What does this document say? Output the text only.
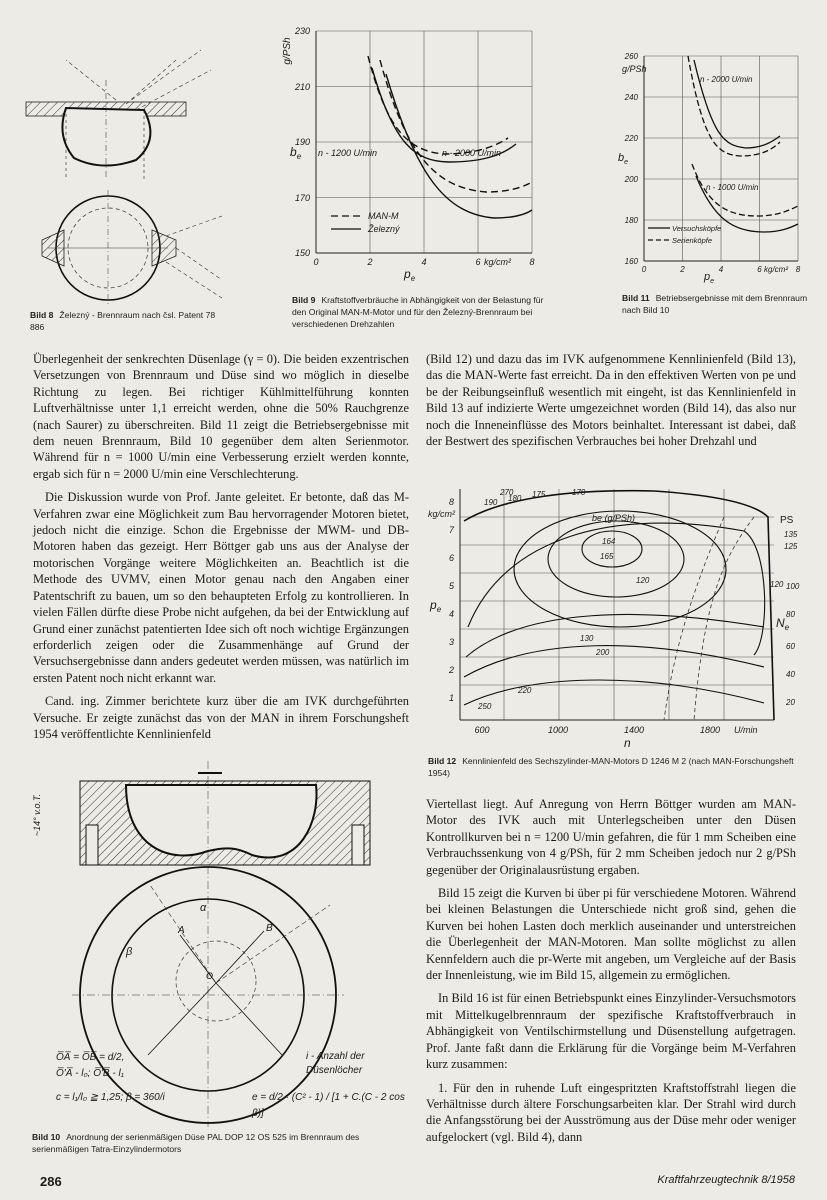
Bild 8 Železný - Brennraum nach čsl. Patent 78 886
230
210
190
170
150
0	2	4	6	8
g/PSh
$b_e$
$p_e$
kg/cm²
n - 1200 U/min	n - 2000 U/min
MAN-M
Železný
Bild 9 Kraftstoffverbräuche in Abhängigkeit von der Belastung für den Original MAN-M-Motor und für den Železný-Brennraum bei verschiedenen Drehzahlen
260
240
220
200
180
160
0	2	4	6	8
g/PSh
$b_e$
$p_e$
kg/cm²
n - 2000 U/min
n - 1000 U/min
Versuchsköpfe
Serienköpfe
Bild 11 Betriebsergebnisse mit dem Brennraum nach Bild 10

Überlegenheit der senkrechten Düsenlage (γ = 0). Die beiden exzentrischen Versetzungen von Brennraum und Düse sind wo möglich in dieselbe Richtung zu legen. Bei richtiger Kühlmittelführung konnten Luftverhältnisse unter 1,1 erreicht werden, ohne die 50% Rauchgrenze (nach Saurer) zu überschreiten. Bild 11 zeigt die Betriebsergebnisse mit dem neuen Brennraum, Bild 10 gegenüber dem alten Serienmotor. Während für n = 1000 U/min eine Verbesserung erzielt werden konnte, ergab sich für n = 2000 U/min eine Verschlechterung.

Die Diskussion wurde von Prof. Jante geleitet. Er betonte, daß das M-Verfahren zwar eine Möglichkeit zum Bau hervorragender Motoren bietet, jedoch nicht die einzige. Schon die Ergebnisse der MWM- und DB-Motoren haben das gezeigt. Herr Böttger gab uns aus der Analyse der motorischen Vorgänge weitere Möglichkeiten an. Beachtlich ist die Methode des UVMV, einen Motor genau nach den Angaben einer Patentschrift zu bauen, um so den behaupteten Erfolg zu kontrollieren. In vielen Fällen dürfte diese Probe nicht aufgehen, da bei der Entwicklung auf Grund einer zunächst patentierten Idee sich oft noch wichtige Ergänzungen erforderlich zeigen oder die Zusammenhänge auf Grund der Versuchsergebnisse dann anders gedeutet werden müssen, was natürlich im ersten Patent noch nicht erkannt war.

Cand. ing. Zimmer berichtete kurz über die am IVK durchgeführten Versuche. Er zeigte zunächst das von der MAN in ihrem Forschungsheft 1954 veröffentlichte Kennlinienfeld

(Bild 12) und dazu das im IVK aufgenommene Kennlinienfeld (Bild 13), das die MAN-Werte fast erreicht. Da in den effektiven Werten von pe und be der Reibungseinfluß wesentlich mit eingeht, ist das Kennlinienfeld in Bild 13 auf indizierte Werte umgezeichnet worden (Bild 14), das also nur noch die Inneneinflüsse des Motors beinhaltet. Interessant ist dabei, daß der Bestwert des spezifischen Verbrauches bei hoher Drehzahl und

8
7
6
5
4
3
2
1
600	1000	1400	1800
kg/cm²
$p_e$
U/min
n
PS
$N_e$
135
125
120 100
80
60
40
20
164
165
170
175
180
190
200
220
250
270
120
130
be (g/PSh)
Bild 12 Kennlinienfeld des Sechszylinder-MAN-Motors D 1246 M 2 (nach MAN-Forschungsheft 1954)

Viertellast liegt. Auf Anregung von Herrn Böttger wurden am MAN-Motor des IVK auch mit Unterlegscheiben unter den Düsen Kontrollkurven bei n = 1200 U/min gefahren, die für 1 mm Scheiben eine Verbrauchssenkung von 4 g/PSh, für 2 mm Scheiben jedoch nur 2 g/PSh gegenüber der Originalausrüstung ergaben.

Bild 15 zeigt die Kurven bi über pi für verschiedene Motoren. Während bei kleinen Belastungen die Unterschiede nicht groß sind, gehen die Kurven bei hohen Lasten doch merklich auseinander und unterstreichen die Überlegenheit der MAN-Motoren. Man sollte möglichst zu allen Kennfeldern auch die pr-Werte mit angeben, um Vergleiche auf der Basis der Innenleistung, wie im Bild 15, allgemein zu ermöglichen.

In Bild 16 ist für einen Betriebspunkt eines Einzylinder-Versuchsmotors mit Mittelkugelbrennraum der spezifische Kraftstoffverbrauch in Abhängigkeit von Ventilschirmstellung und Düsenstellung aufgetragen. Prof. Jante faßt dann die Erklärung für die Vorgänge beim M-Verfahren kurz zusammen:

1. Für den in ruhende Luft eingespritzten Kraftstoffstrahl liegen die Verhältnisse durch ältere Forschungsarbeiten klar. Der Strahl wird durch die Anfangsstörung bei der Ausströmung aus der Düse mehr oder weniger aufgelockert (vgl. Bild 4), dann

~14° v.o.T.
A	B
O
β
α
O̅A̅ = O̅B̅ = d/2,
O̅'A̅ - l₀; O̅'B̅ - l₁
c = l₁/l₀ ≧ 1,25; β = 360/i
i - Anzahl der Düsenlöcher
e = d/2 · (C² - 1) / [1 + C.(C - 2 cos β)]
Bild 10 Anordnung der serienmäßigen Düse PAL DOP 12 OS 525 im Brennraum des serienmäßigen Tatra-Einzylindermotors
286	Kraftfahrzeugtechnik 8/1958
